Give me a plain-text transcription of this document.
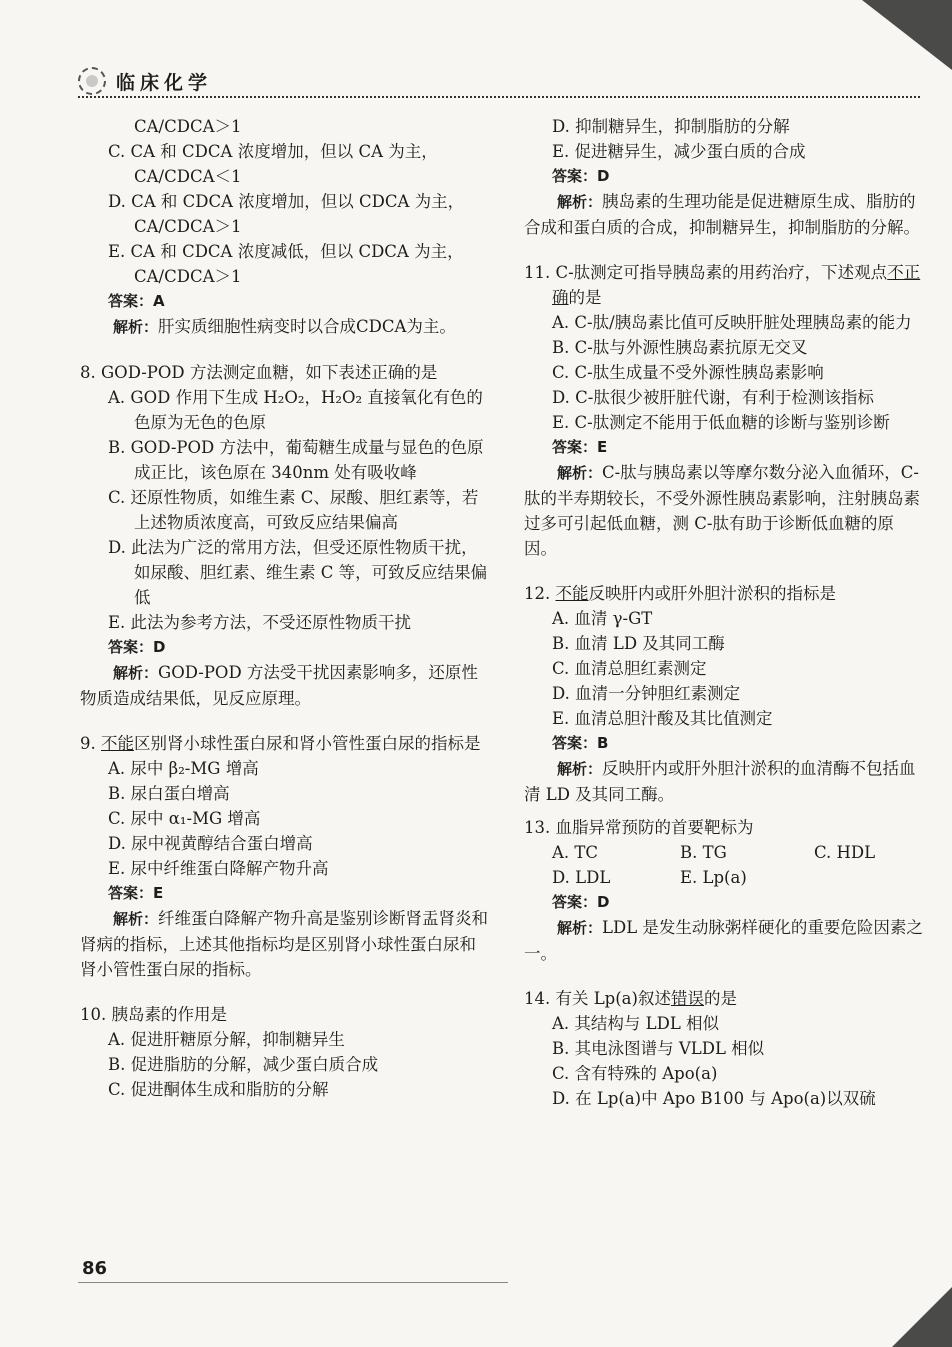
临床化学

CA/CDCA＞1

C. CA 和 CDCA 浓度增加，但以 CA 为主，CA/CDCA＜1

D. CA 和 CDCA 浓度增加，但以 CDCA 为主，CA/CDCA＞1

E. CA 和 CDCA 浓度减低，但以 CDCA 为主，CA/CDCA＞1

答案：A

解析：肝实质细胞性病变时以合成CDCA为主。

8. GOD-POD 方法测定血糖，如下表述正确的是

A. GOD 作用下生成 H₂O₂，H₂O₂ 直接氧化有色的色原为无色的色原

B. GOD-POD 方法中，葡萄糖生成量与显色的色原成正比，该色原在 340nm 处有吸收峰

C. 还原性物质，如维生素 C、尿酸、胆红素等，若上述物质浓度高，可致反应结果偏高

D. 此法为广泛的常用方法，但受还原性物质干扰，如尿酸、胆红素、维生素 C 等，可致反应结果偏低

E. 此法为参考方法，不受还原性物质干扰

答案：D

解析：GOD-POD 方法受干扰因素影响多，还原性物质造成结果低，见反应原理。

9. 不能区别肾小球性蛋白尿和肾小管性蛋白尿的指标是

A. 尿中 β₂-MG 增高

B. 尿白蛋白增高

C. 尿中 α₁-MG 增高

D. 尿中视黄醇结合蛋白增高

E. 尿中纤维蛋白降解产物升高

答案：E

解析：纤维蛋白降解产物升高是鉴别诊断肾盂肾炎和肾病的指标，上述其他指标均是区别肾小球性蛋白尿和肾小管性蛋白尿的指标。

10. 胰岛素的作用是

A. 促进肝糖原分解，抑制糖异生

B. 促进脂肪的分解，减少蛋白质合成

C. 促进酮体生成和脂肪的分解

D. 抑制糖异生，抑制脂肪的分解

E. 促进糖异生，减少蛋白质的合成

答案：D

解析：胰岛素的生理功能是促进糖原生成、脂肪的合成和蛋白质的合成，抑制糖异生，抑制脂肪的分解。

11. C-肽测定可指导胰岛素的用药治疗，下述观点不正确的是

A. C-肽/胰岛素比值可反映肝脏处理胰岛素的能力

B. C-肽与外源性胰岛素抗原无交叉

C. C-肽生成量不受外源性胰岛素影响

D. C-肽很少被肝脏代谢，有利于检测该指标

E. C-肽测定不能用于低血糖的诊断与鉴别诊断

答案：E

解析：C-肽与胰岛素以等摩尔数分泌入血循环，C-肽的半寿期较长，不受外源性胰岛素影响，注射胰岛素过多可引起低血糖，测 C-肽有助于诊断低血糖的原因。

12. 不能反映肝内或肝外胆汁淤积的指标是

A. 血清 γ-GT

B. 血清 LD 及其同工酶

C. 血清总胆红素测定

D. 血清一分钟胆红素测定

E. 血清总胆汁酸及其比值测定

答案：B

解析：反映肝内或肝外胆汁淤积的血清酶不包括血清 LD 及其同工酶。

13. 血脂异常预防的首要靶标为

A. TC	B. TG	C. HDL
D. LDL	E. Lp(a)

答案：D

解析：LDL 是发生动脉粥样硬化的重要危险因素之一。

14. 有关 Lp(a)叙述错误的是

A. 其结构与 LDL 相似

B. 其电泳图谱与 VLDL 相似

C. 含有特殊的 Apo(a)

D. 在 Lp(a)中 Apo B100 与 Apo(a)以双硫

86
